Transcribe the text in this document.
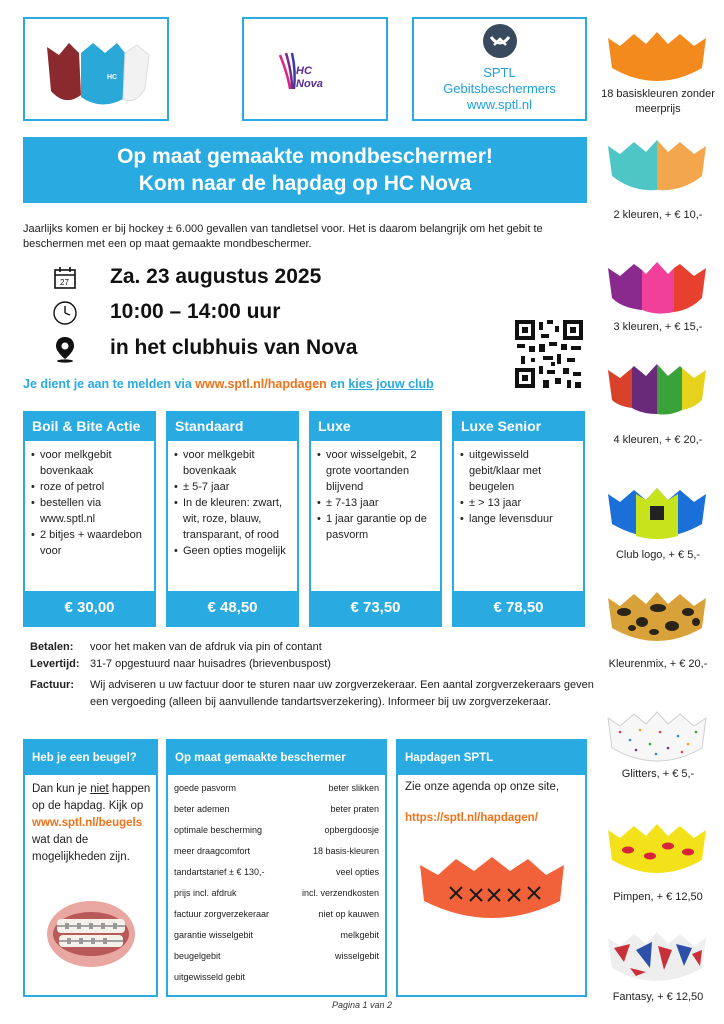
HC
HC
Nova
SPTL
Gebitsbeschermers
www.sptl.nl
Op maat gemaakte mondbeschermer!
Kom naar de hapdag op HC Nova
Jaarlijks komen er bij hockey ± 6.000 gevallen van tandletsel voor. Het is daarom belangrijk om het gebit te beschermen met een op maat gemaakte mondbeschermer.
27 Za. 23 augustus 2025
10:00 – 14:00 uur
in het clubhuis van Nova
Je dient je aan te melden via www.sptl.nl/hapdagen en kies jouw club
Boil & Bite Actie
• voor melkgebit bovenkaak
• roze of petrol
• bestellen via www.sptl.nl
• 2 bitjes + waardebon voor
€ 30,00
Standaard
• voor melkgebit bovenkaak
• ± 5-7 jaar
• In de kleuren: zwart, wit, roze, blauw, transparant, of rood
• Geen opties mogelijk
€ 48,50
Luxe
• voor wisselgebit, 2 grote voortanden blijvend
• ± 7-13 jaar
• 1 jaar garantie op de pasvorm
€ 73,50
Luxe Senior
• uitgewisseld gebit/klaar met beugelen
• ± > 13 jaar
• lange levensduur
€ 78,50
Betalen: voor het maken van de afdruk via pin of contant
Levertijd: 31-7 opgestuurd naar huisadres (brievenbuspost)
Factuur: Wij adviseren u uw factuur door te sturen naar uw zorgverzekeraar. Een aantal zorgverzekeraars geven een vergoeding (alleen bij aanvullende tandartsverzekering). Informeer bij uw zorgverzekeraar.
Heb je een beugel?
Dan kun je niet happen op de hapdag. Kijk op
www.sptl.nl/beugels
wat dan de mogelijkheden zijn.
Op maat gemaakte beschermer
goede pasvorm
beter ademen
optimale bescherming
meer draagcomfort
tandartstarief ± € 130,-
prijs incl. afdruk
factuur zorgverzekeraar
garantie wisselgebit
beugelgebit
uitgewisseld gebit
beter slikken
beter praten
opbergdoosje
18 basis-kleuren
veel opties
incl. verzendkosten
niet op kauwen
melkgebit
wisselgebit
Hapdagen SPTL
Zie onze agenda op onze site,
https://sptl.nl/hapdagen/
18 basiskleuren zonder meerprijs
2 kleuren, + € 10,-
3 kleuren, + € 15,-
4 kleuren, + € 20,-
Club logo, + € 5,-
Kleurenmix, + € 20,-
Glitters, + € 5,-
Pimpen, + € 12,50
Fantasy, + € 12,50
Pagina 1 van 2
